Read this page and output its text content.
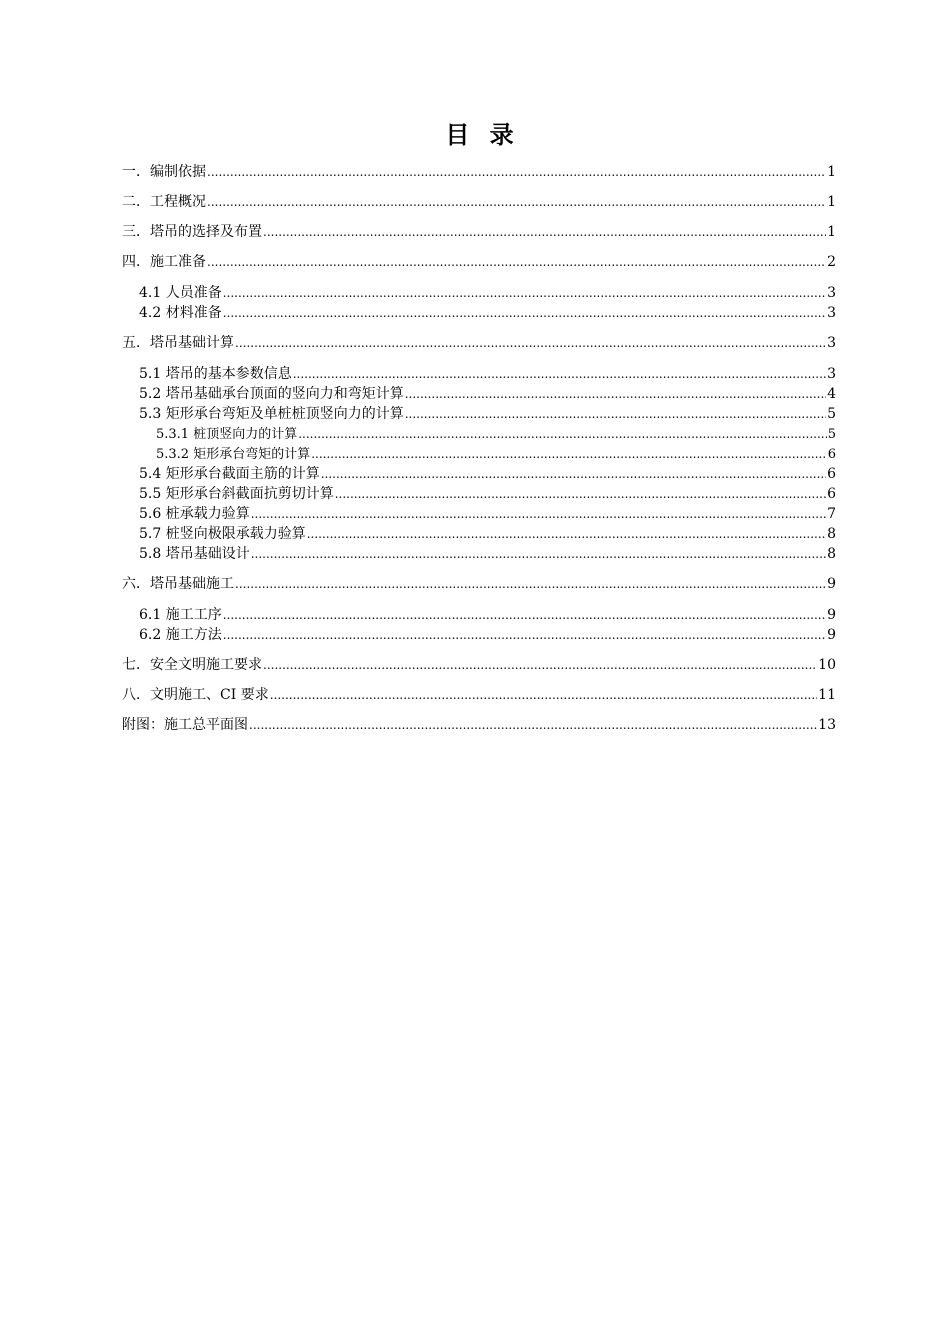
目 录
一．编制依据 .....	1
二．工程概况 .....	1
三．塔吊的选择及布置 .....	1
四．施工准备 .....	2
4.1 人员准备 .....	3
4.2 材料准备 .....	3
五．塔吊基础计算 .....	3
5.1 塔吊的基本参数信息 .....	3
5.2 塔吊基础承台顶面的竖向力和弯矩计算 .....	4
5.3 矩形承台弯矩及单桩桩顶竖向力的计算 .....	5
5.3.1 桩顶竖向力的计算 .....	5
5.3.2 矩形承台弯矩的计算 .....	6
5.4 矩形承台截面主筋的计算 .....	6
5.5 矩形承台斜截面抗剪切计算 .....	6
5.6 桩承载力验算 .....	7
5.7 桩竖向极限承载力验算 .....	8
5.8 塔吊基础设计 .....	8
六．塔吊基础施工 .....	9
6.1 施工工序 .....	9
6.2 施工方法 .....	9
七．安全文明施工要求 .....	10
八．文明施工、CI 要求 .....	11
附图：施工总平面图 .....	13
